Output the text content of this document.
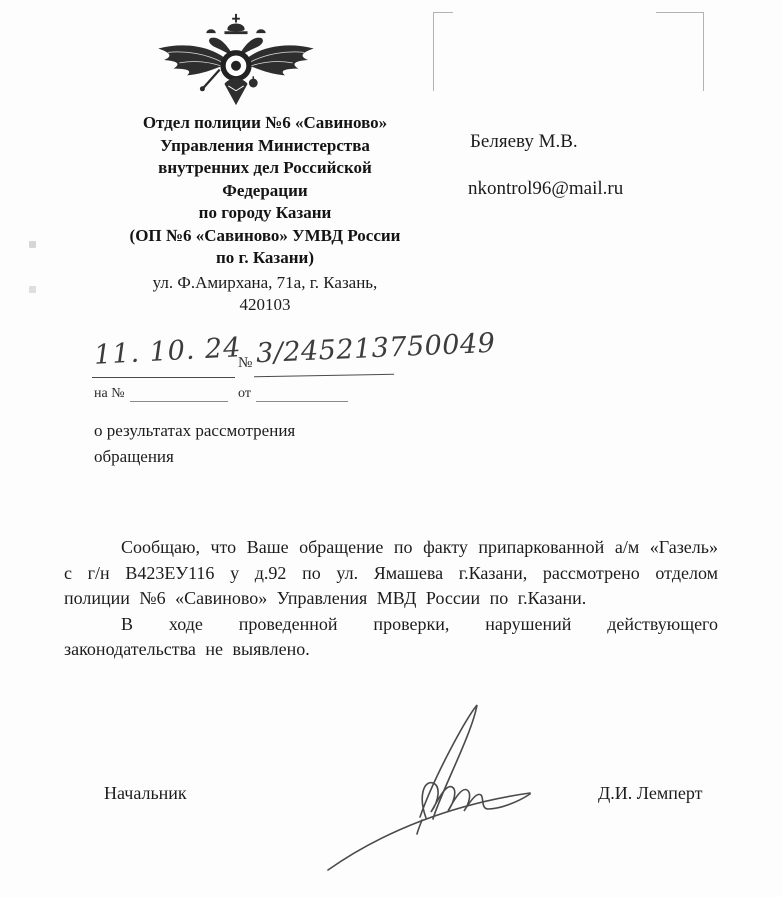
Отдел полиции №6 «Савиново»
Управления Министерства
внутренних дел Российской
Федерации
по городу Казани
(ОП №6 «Савиново» УМВД России
по г. Казани)
ул. Ф.Амирхана, 71а, г. Казань,
420103
Беляеву М.В.
nkontrol96@mail.ru
11. 10. 24
№ 3/245213750049
на №	от
о результатах рассмотрения
обращения

Сообщаю, что Ваше обращение по факту припаркованной а/м «Газель» с г/н В423ЕУ116 у д.92 по ул. Ямашева г.Казани, рассмотрено отделом полиции №6 «Савиново» Управления МВД России по г.Казани.

В ходе проведенной проверки, нарушений действующего законодательства не выявлено.

Начальник	Д.И. Лемперт
